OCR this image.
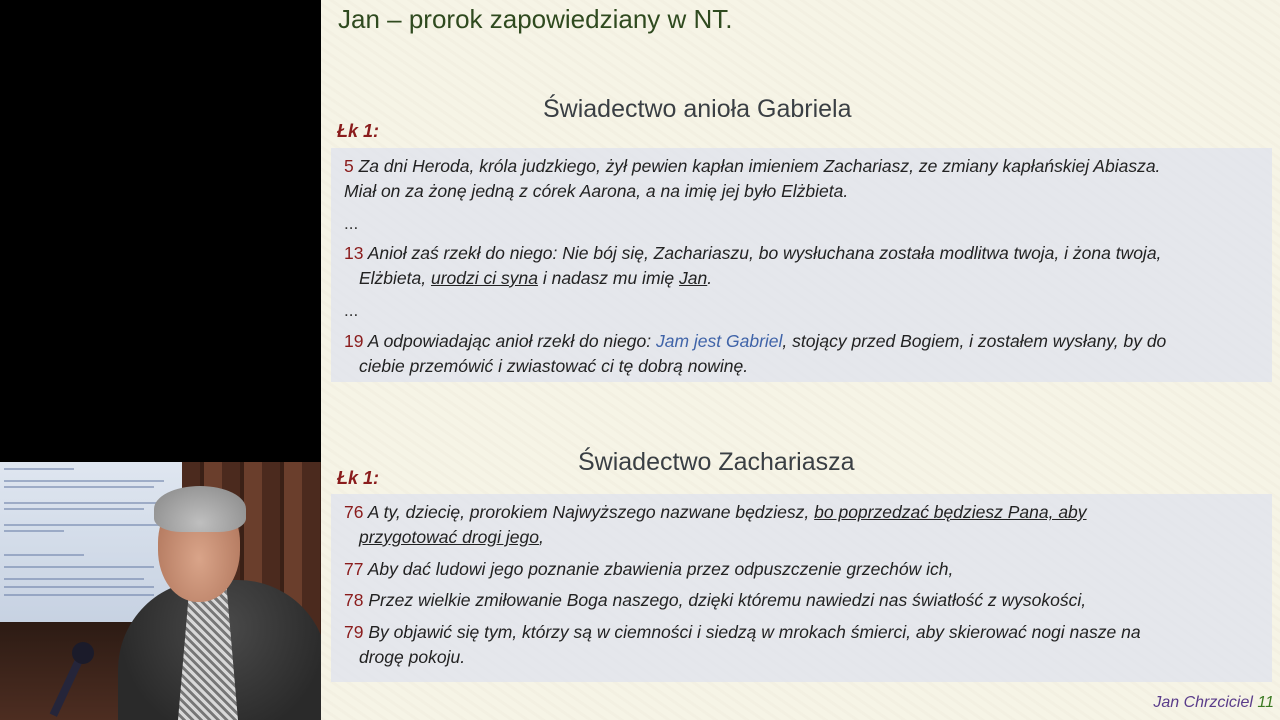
Jan – prorok zapowiedziany w NT.
Świadectwo anioła Gabriela
Łk 1:
5 Za dni Heroda, króla judzkiego, żył pewien kapłan imieniem Zachariasz, ze zmiany kapłańskiej Abiasza.
Miał on za żonę jedną z córek Aarona, a na imię jej było Elżbieta.
...
13 Anioł zaś rzekł do niego: Nie bój się, Zachariaszu, bo wysłuchana została modlitwa twoja, i żona twoja,
Elżbieta, urodzi ci syna i nadasz mu imię Jan.
...
19 A odpowiadając anioł rzekł do niego: Jam jest Gabriel, stojący przed Bogiem, i zostałem wysłany, by do
ciebie przemówić i zwiastować ci tę dobrą nowinę.
Świadectwo Zachariasza
Łk 1:
76 A ty, dziecię, prorokiem Najwyższego nazwane będziesz, bo poprzedzać będziesz Pana, aby
przygotować drogi jego,
77 Aby dać ludowi jego poznanie zbawienia przez odpuszczenie grzechów ich,
78 Przez wielkie zmiłowanie Boga naszego, dzięki któremu nawiedzi nas światłość z wysokości,
79 By objawić się tym, którzy są w ciemności i siedzą w mrokach śmierci, aby skierować nogi nasze na
drogę pokoju.
Jan Chrzciciel 11
